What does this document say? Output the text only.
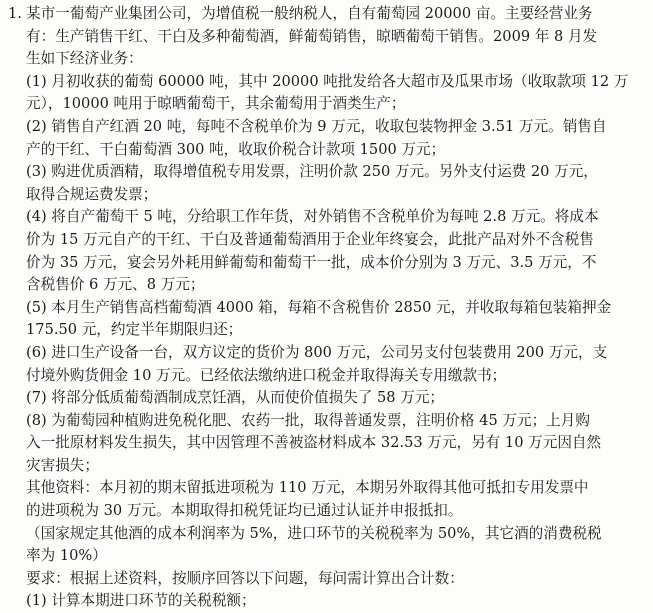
1. 某市一葡萄产业集团公司，为增值税一般纳税人，自有葡萄园 20000 亩。主要经营业务
有：生产销售干红、干白及多种葡萄酒，鲜葡萄销售，晾晒葡萄干销售。2009 年 8 月发
生如下经济业务：
(1) 月初收获的葡萄 60000 吨，其中 20000 吨批发给各大超市及瓜果市场（收取款项 12 万
元），10000 吨用于晾晒葡萄干，其余葡萄用于酒类生产；
(2) 销售自产红酒 20 吨，每吨不含税单价为 9 万元，收取包装物押金 3.51 万元。销售自
产的干红、干白葡萄酒 300 吨，收取价税合计款项 1500 万元；
(3) 购进优质酒精，取得增值税专用发票，注明价款 250 万元。另外支付运费 20 万元，
取得合规运费发票；
(4) 将自产葡萄干 5 吨，分给职工作年货，对外销售不含税单价为每吨 2.8 万元。将成本
价为 15 万元自产的干红、干白及普通葡萄酒用于企业年终宴会，此批产品对外不含税售
价为 35 万元，宴会另外耗用鲜葡萄和葡萄干一批，成本价分别为 3 万元、3.5 万元，不
含税售价 6 万元、8 万元；
(5) 本月生产销售高档葡萄酒 4000 箱，每箱不含税售价 2850 元，并收取每箱包装箱押金
175.50 元，约定半年期限归还；
(6) 进口生产设备一台，双方议定的货价为 800 万元，公司另支付包装费用 200 万元，支
付境外购货佣金 10 万元。已经依法缴纳进口税金并取得海关专用缴款书；
(7) 将部分低质葡萄酒制成烹饪酒，从而使价值损失了 58 万元；
(8) 为葡萄园种植购进免税化肥、农药一批，取得普通发票，注明价格 45 万元；上月购
入一批原材料发生损失，其中因管理不善被盗材料成本 32.53 万元，另有 10 万元因自然
灾害损失；
其他资料：本月初的期末留抵进项税为 110 万元，本期另外取得其他可抵扣专用发票中
的进项税为 30 万元。本期取得扣税凭证均已通过认证并申报抵扣。
（国家规定其他酒的成本利润率为 5%，进口环节的关税税率为 50%，其它酒的消费税税
率为 10%）
要求：根据上述资料，按顺序回答以下问题，每问需计算出合计数：
(1) 计算本期进口环节的关税税额；
